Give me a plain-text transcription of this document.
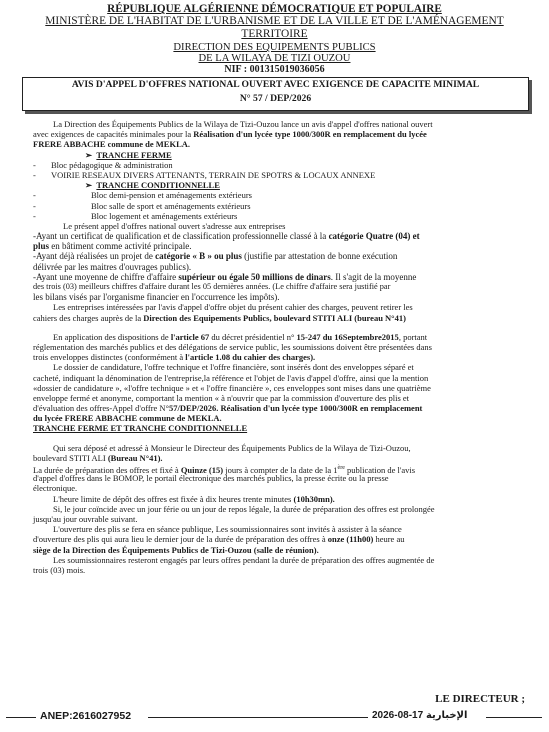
RÉPUBLIQUE ALGÉRIENNE DÉMOCRATIQUE ET POPULAIRE
MINISTÈRE DE L'HABITAT DE L'URBANISME ET DE LA VILLE ET DE L'AMÉNAGEMENT
TERRITOIRE
DIRECTION DES EQUIPEMENTS PUBLICS
DE LA WILAYA DE TIZI OUZOU
NIF : 001315019036056
AVIS D'APPEL D'OFFRES NATIONAL OUVERT AVEC EXIGENCE DE CAPACITE MINIMAL
N° 57 / DEP/2026
La Direction des Équipements Publics de la Wilaya de Tizi-Ouzou lance un avis d'appel d'offres national ouvert
avec exigences de capacités minimales pour la Réalisation d'un lycée type 1000/300R en remplacement du lycée
FRERE ABBACHE commune de MEKLA.
➢  TRANCHE FERME
- Bloc pédagogique & administration
- VOIRIE RESEAUX DIVERS ATTENANTS, TERRAIN DE SPOTRS & LOCAUX ANNEXE
➢  TRANCHE CONDITIONNELLE
-	Bloc demi-pension et aménagements extérieurs
-	Bloc salle de sport et aménagements extérieurs
-	Bloc logement et aménagements extérieurs
Le présent appel d'offres national ouvert s'adresse aux entreprises
-Ayant un certificat de qualification et de classification professionnelle classé à la catégorie Quatre (04) et
plus en bâtiment comme activité principale.
-Ayant déjà réalisées un projet de catégorie « B » ou plus (justifie par attestation de bonne exécution
délivrée par les maitres d'ouvrages publics).
-Ayant une moyenne de chiffre d'affaire supérieur ou égale 50 millions de dinars. Il s'agit de la moyenne
des trois (03) meilleurs chiffres d'affaire durant les 05 dernières années. (Le chiffre d'affaire sera justifié par
les bilans visés par l'organisme financier en l'occurrence les impôts).
Les entreprises intéressées par l'avis d'appel d'offre objet du présent cahier des charges, peuvent retirer les
cahiers des charges auprès de la Direction des Equipements Publics, boulevard STITI ALI (bureau N°41)
En application des dispositions de l'article 67 du décret présidentiel n° 15-247 du 16Septembre2015, portant
réglementation des marchés publics et des délégations de service public, les soumissions doivent être présentées dans
trois enveloppes distinctes (conformément à l'article 1.08 du cahier des charges).
Le dossier de candidature, l'offre technique et l'offre financière, sont insérés dont des enveloppes séparé et
cacheté, indiquant la dénomination de l'entreprise,la référence et l'objet de l'avis d'appel d'offre, ainsi que la mention
«dossier de candidature », «l'offre technique » et « l'offre financière », ces enveloppes sont mises dans une quatrième
enveloppe fermé et anonyme, comportant la mention « à n'ouvrir que par la commission d'ouverture des plis et
d'évaluation des offres-Appel d'offre N°57/DEP/2026. Réalisation d'un lycée type 1000/300R en remplacement
du lycée FRERE ABBACHE commune de MEKLA.
TRANCHE FERME ET TRANCHE CONDITIONNELLE
Qui sera déposé et adressé à Monsieur le Directeur des Équipements Publics de la Wilaya de Tizi-Ouzou,
boulevard STITI ALI (Bureau N°41).
La durée de préparation des offres et fixé à Quinze (15) jours à compter de la date de la 1ère publication de l'avis
d'appel d'offres dans le BOMOP, le portail électronique des marchés publics, la presse écrite ou la presse
électronique.
L'heure limite de dépôt des offres est fixée à dix heures trente minutes (10h30mn).
Si, le jour coïncide avec un jour férie ou un jour de repos légale, la durée de préparation des offres est prolongée
jusqu'au jour ouvrable suivant.
L'ouverture des plis se fera en séance publique, Les soumissionnaires sont invités à assister à la séance
d'ouverture des plis qui aura lieu le dernier jour de la durée de préparation des offres à onze (11h00) heure au
siège de la Direction des Équipements Publics de Tizi-Ouzou (salle de réunion).
Les soumissionnaires resteront engagés par leurs offres pendant la durée de préparation des offres augmentée de
trois (03) mois.
LE DIRECTEUR ;
ANEP:2616027952	2026-08-17 الإخبارية
